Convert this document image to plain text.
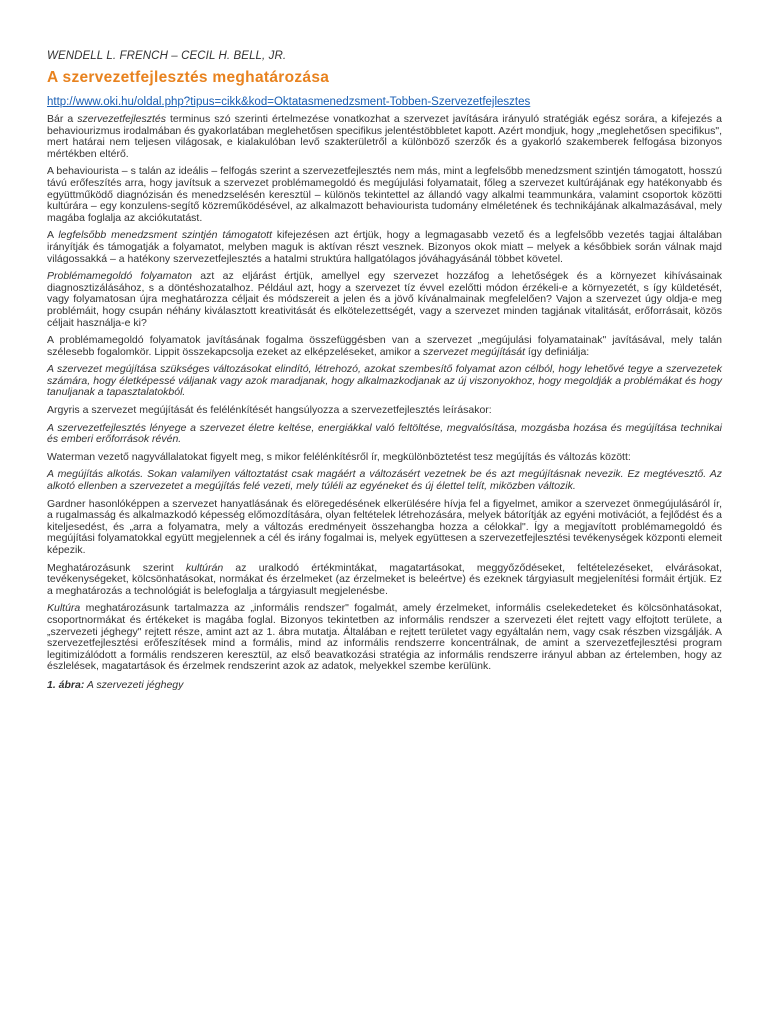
WENDELL L. FRENCH – CECIL H. BELL, JR.
A szervezetfejlesztés meghatározása
http://www.oki.hu/oldal.php?tipus=cikk&kod=Oktatasmenedzsment-Tobben-Szervezetfejlesztes

Bár a szervezetfejlesztés terminus szó szerinti értelmezése vonatkozhat a szervezet javítására irányuló stratégiák egész sorára, a kifejezés a behaviourizmus irodalmában és gyakorlatában meglehetősen specifikus jelentéstöbbletet kapott. Azért mondjuk, hogy „meglehetősen specifikus", mert határai nem teljesen világosak, e kialakulóban levő szakterületről a különböző szerzők és a gyakorló szakemberek felfogása bizonyos mértékben eltérő.

A behaviourista – s talán az ideális – felfogás szerint a szervezetfejlesztés nem más, mint a legfelsőbb menedzsment szintjén támogatott, hosszú távú erőfeszítés arra, hogy javítsuk a szervezet problémamegoldó és megújulási folyamatait, főleg a szervezet kultúrájának egy hatékonyabb és együttműködő diagnózisán és menedzselésén keresztül – különös tekintettel az állandó vagy alkalmi teammunkára, valamint csoportok közötti kultúrára – egy konzulens-segítő közreműködésével, az alkalmazott behaviourista tudomány elméletének és technikájának alkalmazásával, mely magába foglalja az akciókutatást.

A legfelsőbb menedzsment szintjén támogatott kifejezésen azt értjük, hogy a legmagasabb vezető és a legfelsőbb vezetés tagjai általában irányítják és támogatják a folyamatot, melyben maguk is aktívan részt vesznek. Bizonyos okok miatt – melyek a későbbiek során válnak majd világossakká – a hatékony szervezetfejlesztés a hatalmi struktúra hallgatólagos jóváhagyásánál többet követel.

Problémamegoldó folyamaton azt az eljárást értjük, amellyel egy szervezet hozzáfog a lehetőségek és a környezet kihívásainak diagnosztizálásához, s a döntéshozatalhoz. Például azt, hogy a szervezet tíz évvel ezelőtti módon érzékeli-e a környezetét, s így küldetését, vagy folyamatosan újra meghatározza céljait és módszereit a jelen és a jövő kívánalmainak megfelelően? Vajon a szervezet úgy oldja-e meg problémáit, hogy csupán néhány kiválasztott kreativitását és elkötelezettségét, vagy a szervezet minden tagjának vitalitását, erőforrásait, közös céljait használja-e ki?

A problémamegoldó folyamatok javításának fogalma összefüggésben van a szervezet „megújulási folyamatainak" javításával, mely talán szélesebb fogalomkör. Lippit összekapcsolja ezeket az elképzeléseket, amikor a szervezet megújítását így definiálja:

A szervezet megújítása szükséges változásokat elindító, létrehozó, azokat szembesítő folyamat azon célból, hogy lehetővé tegye a szervezetek számára, hogy életképessé váljanak vagy azok maradjanak, hogy alkalmazkodjanak az új viszonyokhoz, hogy megoldják a problémákat és hogy tanuljanak a tapasztalatokból.

Argyris a szervezet megújítását és felélénkítését hangsúlyozza a szervezetfejlesztés leírásakor:

A szervezetfejlesztés lényege a szervezet életre keltése, energiákkal való feltöltése, megvalósítása, mozgásba hozása és megújítása technikai és emberi erőforrások révén.

Waterman vezető nagyvállalatokat figyelt meg, s mikor felélénkítésről ír, megkülönböztetést tesz megújítás és változás között:

A megújítás alkotás. Sokan valamilyen változtatást csak magáért a változásért vezetnek be és azt megújításnak nevezik. Ez megtévesztő. Az alkotó ellenben a szervezetet a megújítás felé vezeti, mely túléli az egyéneket és új élettel telít, miközben változik.

Gardner hasonlóképpen a szervezet hanyatlásának és elöregedésének elkerülésére hívja fel a figyelmet, amikor a szervezet önmegújulásáról ír, a rugalmasság és alkalmazkodó képesség előmozdítására, olyan feltételek létrehozására, melyek bátorítják az egyéni motivációt, a fejlődést és a kiteljesedést, és „arra a folyamatra, mely a változás eredményeit összehangba hozza a célokkal". Így a megjavított problémamegoldó és megújítási folyamatokkal együtt megjelennek a cél és irány fogalmai is, melyek együttesen a szervezetfejlesztési tevékenységek központi elemeit képezik.

Meghatározásunk szerint kultúrán az uralkodó értékmintákat, magatartásokat, meggyőződéseket, feltételezéseket, elvárásokat, tevékenységeket, kölcsönhatásokat, normákat és érzelmeket (az érzelmeket is beleértve) és ezeknek tárgyiasult megjelenítési formáit értjük. Ez a meghatározás a technológiát is belefoglalja a tárgyiasult megjelenésbe.

Kultúra meghatározásunk tartalmazza az „informális rendszer" fogalmát, amely érzelmeket, informális cselekedeteket és kölcsönhatásokat, csoportnormákat és értékeket is magába foglal. Bizonyos tekintetben az informális rendszer a szervezeti élet rejtett vagy elfojtott területe, a „szervezeti jéghegy" rejtett része, amint azt az 1. ábra mutatja. Általában e rejtett területet vagy egyáltalán nem, vagy csak részben vizsgálják. A szervezetfejlesztési erőfeszítések mind a formális, mind az informális rendszerre koncentrálnak, de amint a szervezetfejlesztési program legitimizálódott a formális rendszeren keresztül, az első beavatkozási stratégia az informális rendszerre irányul abban az értelemben, hogy az észlelések, magatartások és érzelmek rendszerint azok az adatok, melyekkel szembe kerülünk.

1. ábra: A szervezeti jéghegy
